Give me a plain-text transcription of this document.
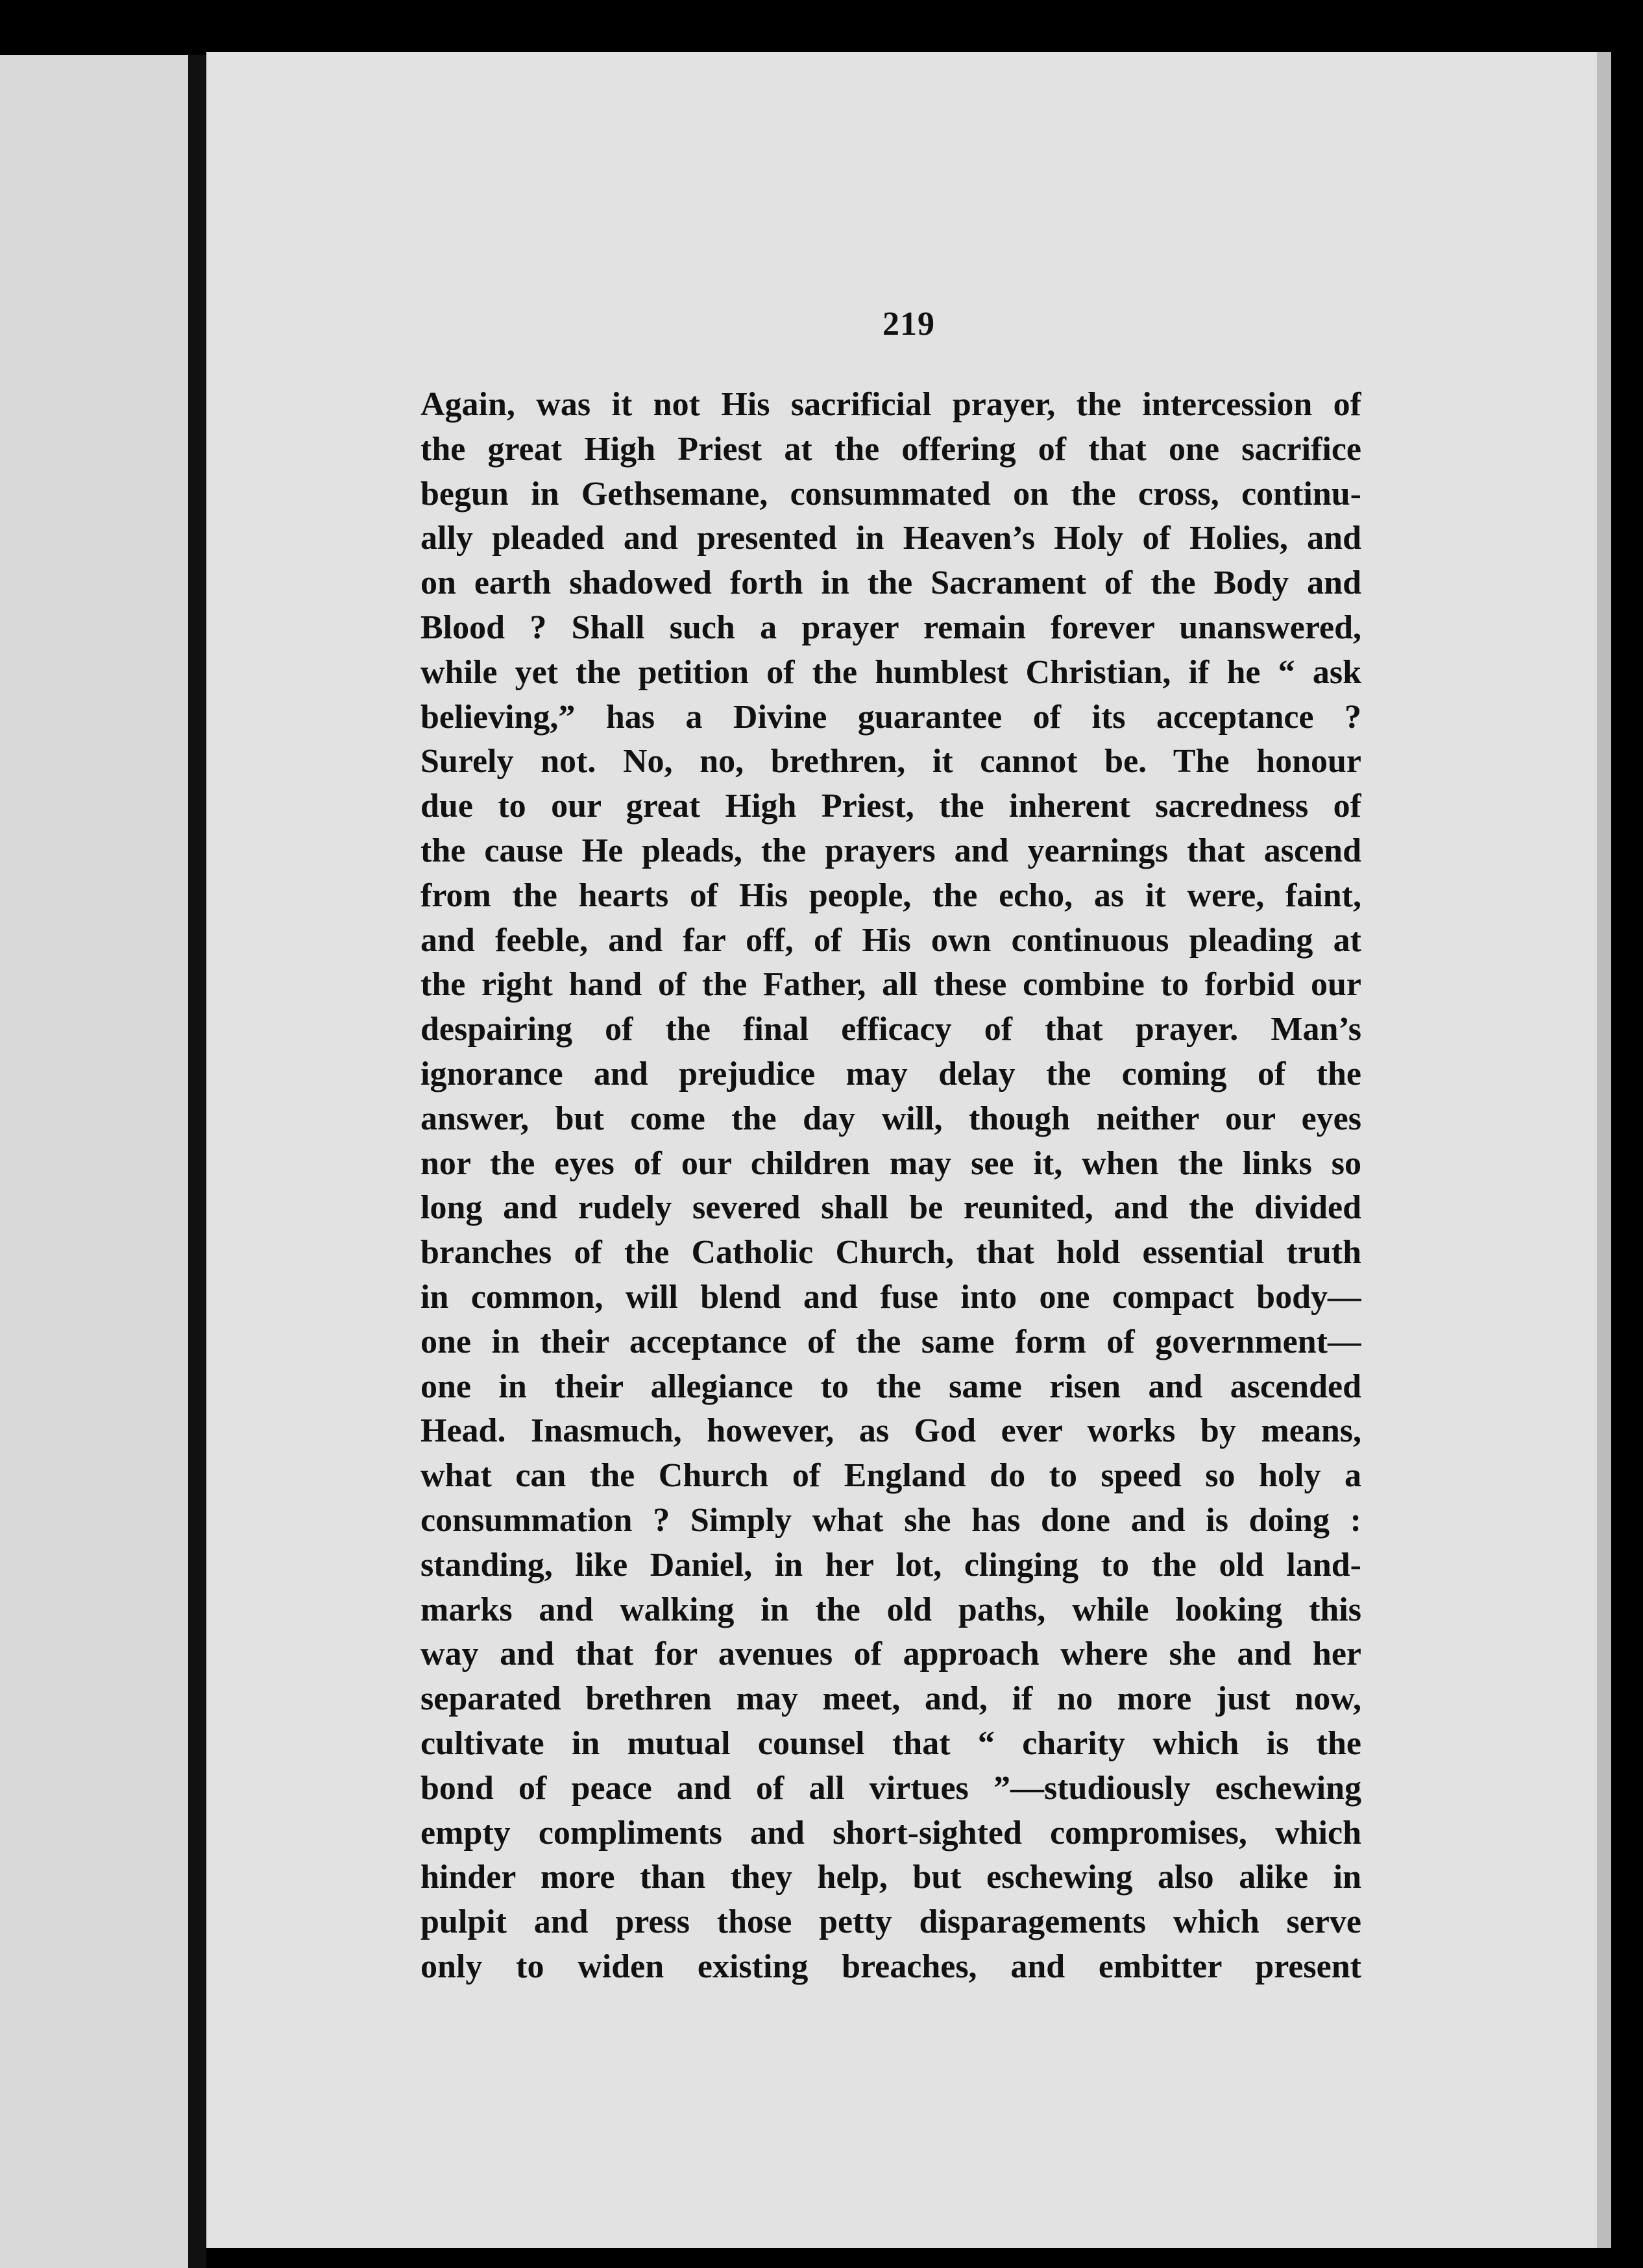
219

Again, was it not His sacrificial prayer, the intercession of
the great High Priest at the offering of that one sacrifice
begun in Gethsemane, consummated on the cross, continu-
ally pleaded and presented in Heaven’s Holy of Holies, and
on earth shadowed forth in the Sacrament of the Body and
Blood ? Shall such a prayer remain forever unanswered,
while yet the petition of the humblest Christian, if he “ ask
believing,” has a Divine guarantee of its acceptance ?
Surely not. No, no, brethren, it cannot be. The honour
due to our great High Priest, the inherent sacredness of
the cause He pleads, the prayers and yearnings that ascend
from the hearts of His people, the echo, as it were, faint,
and feeble, and far off, of His own continuous pleading at
the right hand of the Father, all these combine to forbid our
despairing of the final efficacy of that prayer. Man’s
ignorance and prejudice may delay the coming of the
answer, but come the day will, though neither our eyes
nor the eyes of our children may see it, when the links so
long and rudely severed shall be reunited, and the divided
branches of the Catholic Church, that hold essential truth
in common, will blend and fuse into one compact body—
one in their acceptance of the same form of government—
one in their allegiance to the same risen and ascended
Head. Inasmuch, however, as God ever works by means,
what can the Church of England do to speed so holy a
consummation ? Simply what she has done and is doing :
standing, like Daniel, in her lot, clinging to the old land-
marks and walking in the old paths, while looking this
way and that for avenues of approach where she and her
separated brethren may meet, and, if no more just now,
cultivate in mutual counsel that “ charity which is the
bond of peace and of all virtues ”—studiously eschewing
empty compliments and short-sighted compromises, which
hinder more than they help, but eschewing also alike in
pulpit and press those petty disparagements which serve
only to widen existing breaches, and embitter present
